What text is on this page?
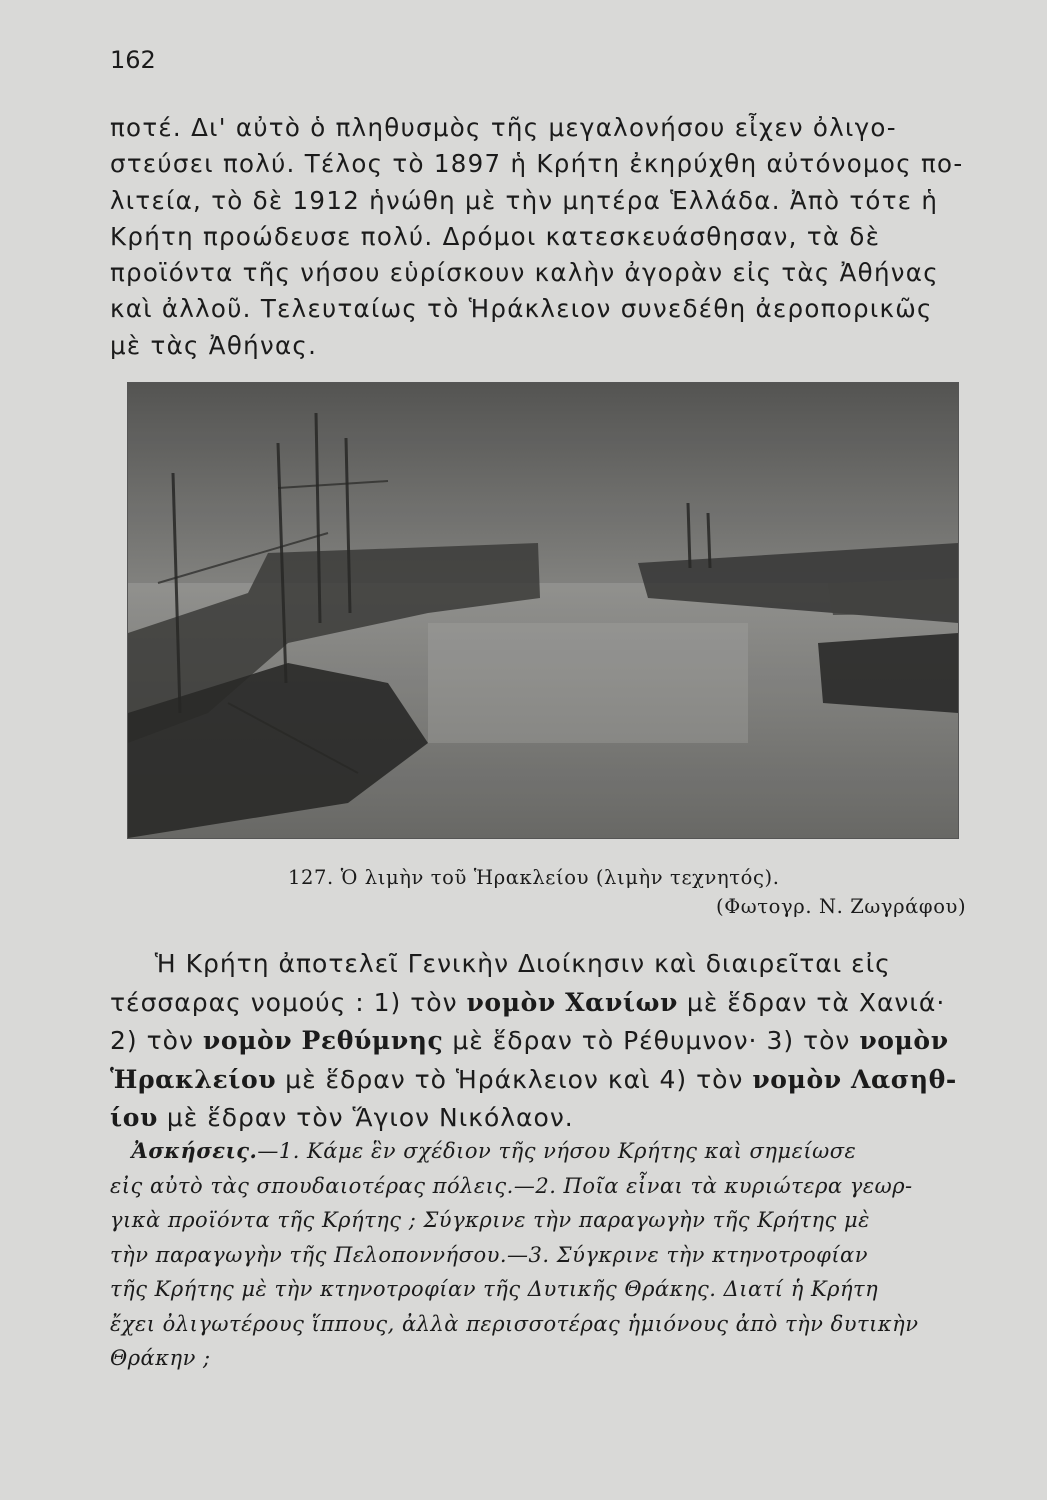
162
ποτέ. Δι' αὐτὸ ὁ πληθυσμὸς τῆς μεγαλονήσου εἶχεν ὀλιγο-
στεύσει πολύ. Τέλος τὸ 1897 ἡ Κρήτη ἐκηρύχθη αὐτόνομος πο-
λιτεία, τὸ δὲ 1912 ἡνώθη μὲ τὴν μητέρα Ἑλλάδα. Ἀπὸ τότε ἡ
Κρήτη προώδευσε πολύ. Δρόμοι κατεσκευάσθησαν, τὰ δὲ
προϊόντα τῆς νήσου εὑρίσκουν καλὴν ἀγορὰν εἰς τὰς Ἀθήνας
καὶ ἀλλοῦ. Τελευταίως τὸ Ἡράκλειον συνεδέθη ἀεροπορικῶς
μὲ τὰς Ἀθήνας.
127. Ὁ λιμὴν τοῦ Ἡρακλείου (λιμὴν τεχνητός).
(Φωτογρ. Ν. Ζωγράφου)
Ἡ Κρήτη ἀποτελεῖ Γενικὴν Διοίκησιν καὶ διαιρεῖται εἰς
τέσσαρας νομούς : 1) τὸν νομὸν Χανίων μὲ ἕδραν τὰ Χανιά·
2) τὸν νομὸν Ρεθύμνης μὲ ἕδραν τὸ Ρέθυμνον· 3) τὸν νομὸν
Ἡρακλείου μὲ ἕδραν τὸ Ἡράκλειον καὶ 4) τὸν νομὸν Λασηθ-
ίου μὲ ἕδραν τὸν Ἅγιον Νικόλαον.
Ἀσκήσεις.—1. Κάμε ἓν σχέδιον τῆς νήσου Κρήτης καὶ σημείωσε
εἰς αὐτὸ τὰς σπουδαιοτέρας πόλεις.—2. Ποῖα εἶναι τὰ κυριώτερα γεωρ-
γικὰ προϊόντα τῆς Κρήτης ; Σύγκρινε τὴν παραγωγὴν τῆς Κρήτης μὲ
τὴν παραγωγὴν τῆς Πελοποννήσου.—3. Σύγκρινε τὴν κτηνοτροφίαν
τῆς Κρήτης μὲ τὴν κτηνοτροφίαν τῆς Δυτικῆς Θράκης. Διατί ἡ Κρήτη
ἔχει ὀλιγωτέρους ἵππους, ἀλλὰ περισσοτέρας ἡμιόνους ἀπὸ τὴν δυτικὴν
Θράκην ;
